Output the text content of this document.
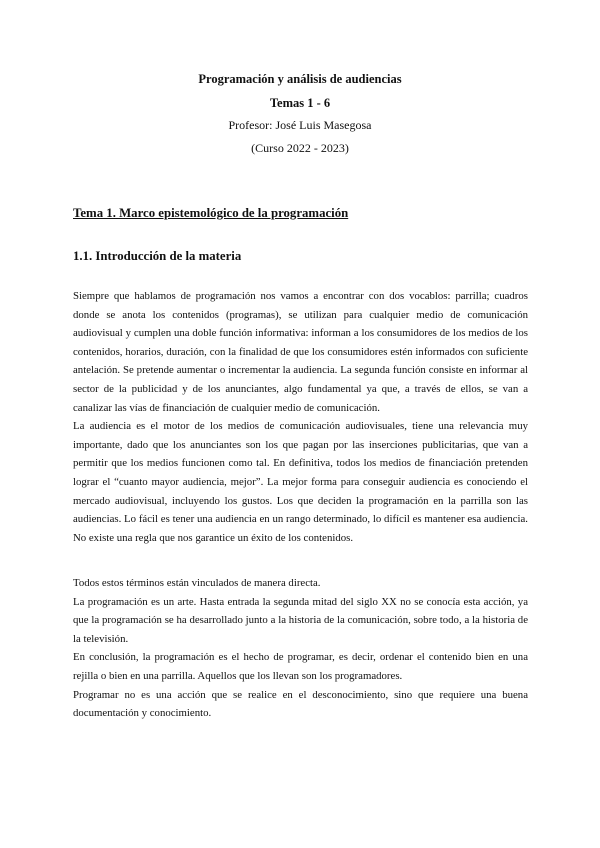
Programación y análisis de audiencias

Temas 1 - 6

Profesor: José Luis Masegosa

(Curso 2022 - 2023)

Tema 1. Marco epistemológico de la programación

1.1. Introducción de la materia

Siempre que hablamos de programación nos vamos a encontrar con dos vocablos: parrilla; cuadros donde se anota los contenidos (programas), se utilizan para cualquier medio de comunicación audiovisual y cumplen una doble función informativa: informan a los consumidores de los medios de los contenidos, horarios, duración, con la finalidad de que los consumidores estén informados con suficiente antelación. Se pretende aumentar o incrementar la audiencia. La segunda función consiste en informar al sector de la publicidad y de los anunciantes, algo fundamental ya que, a través de ellos, se van a canalizar las vías de financiación de cualquier medio de comunicación.

La audiencia es el motor de los medios de comunicación audiovisuales, tiene una relevancia muy importante, dado que los anunciantes son los que pagan por las inserciones publicitarias, que van a permitir que los medios funcionen como tal. En definitiva, todos los medios de financiación pretenden lograr el “cuanto mayor audiencia, mejor”. La mejor forma para conseguir audiencia es conociendo el mercado audiovisual, incluyendo los gustos. Los que deciden la programación en la parrilla son las audiencias. Lo fácil es tener una audiencia en un rango determinado, lo difícil es mantener esa audiencia. No existe una regla que nos garantice un éxito de los contenidos.

Todos estos términos están vinculados de manera directa.

La programación es un arte. Hasta entrada la segunda mitad del siglo XX no se conocía esta acción, ya que la programación se ha desarrollado junto a la historia de la comunicación, sobre todo, a la historia de la televisión.

En conclusión, la programación es el hecho de programar, es decir, ordenar el contenido bien en una rejilla o bien en una parrilla. Aquellos que los llevan son los programadores.

Programar no es una acción que se realice en el desconocimiento, sino que requiere una buena documentación y conocimiento.
